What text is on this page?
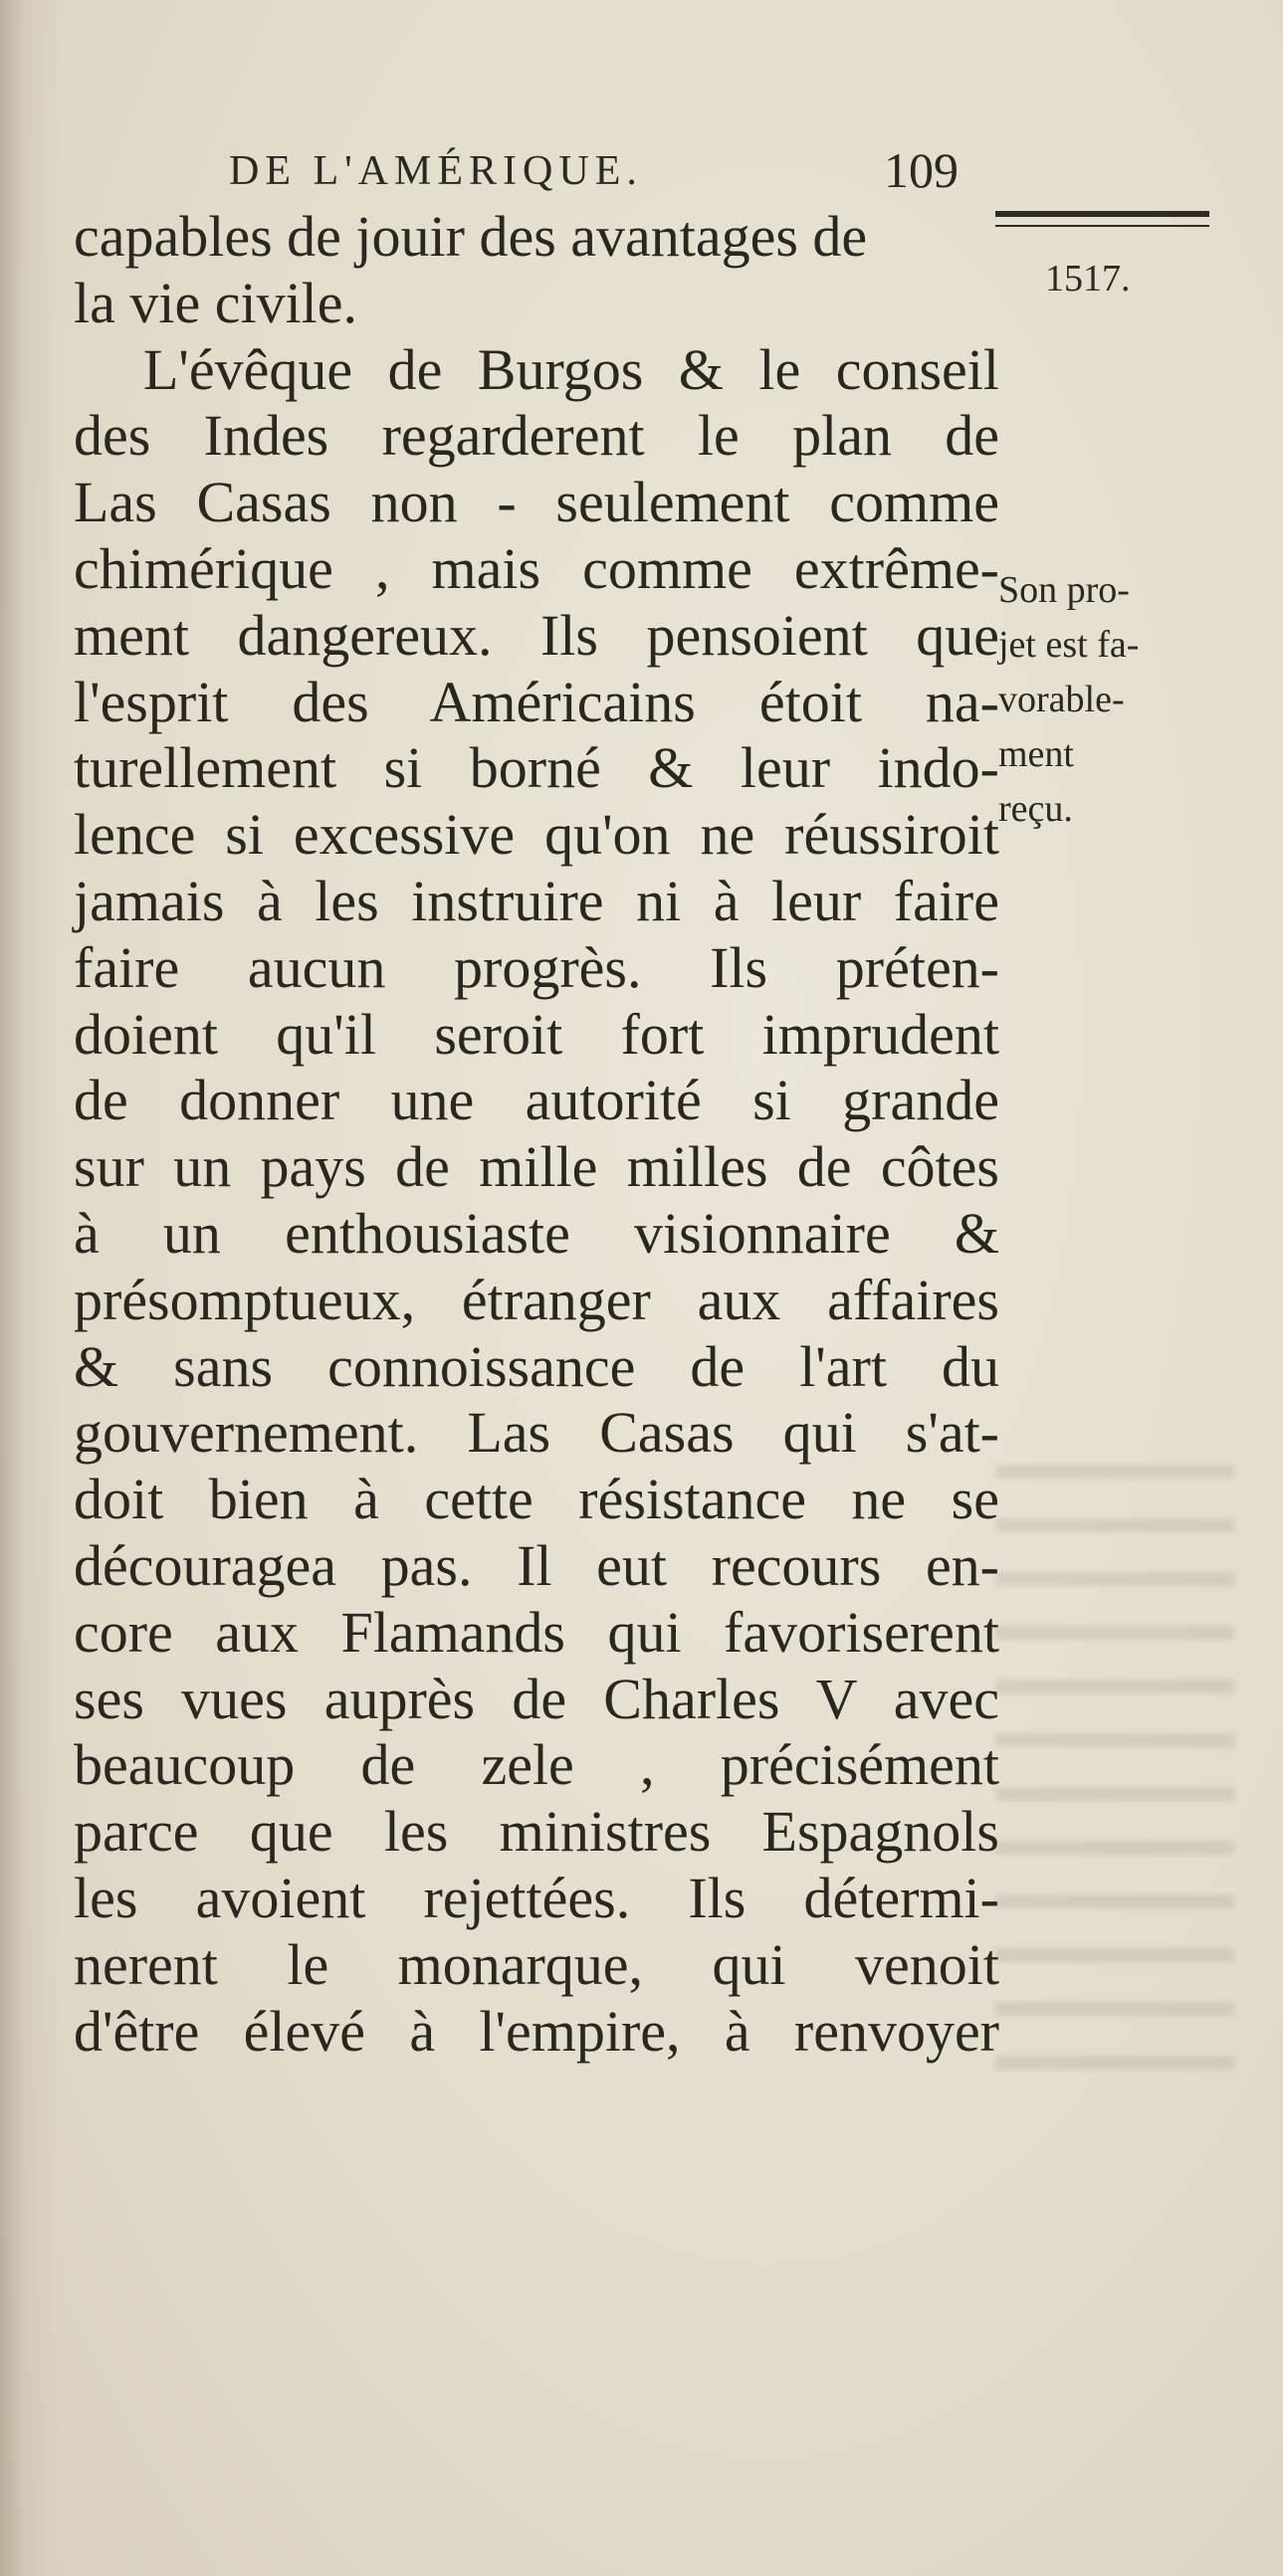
DE L'AMÉRIQUE.	109
1517.
capables de jouir des avantages de
la vie civile.
L'évêque de Burgos & le conseil
des Indes regarderent le plan de
Las Casas non - seulement comme
chimérique , mais comme extrême-
ment dangereux. Ils pensoient que
l'esprit des Américains étoit na-
turellement si borné & leur indo-
lence si excessive qu'on ne réussiroit
jamais à les instruire ni à leur faire
faire aucun progrès. Ils préten-
doient qu'il seroit fort imprudent
de donner une autorité si grande
sur un pays de mille milles de côtes
à un enthousiaste visionnaire &
présomptueux, étranger aux affaires
& sans connoissance de l'art du
gouvernement. Las Casas qui s'at-
doit bien à cette résistance ne se
découragea pas. Il eut recours en-
core aux Flamands qui favoriserent
ses vues auprès de Charles V avec
beaucoup de zele , précisément
parce que les ministres Espagnols
les avoient rejettées. Ils détermi-
nerent le monarque, qui venoit
d'être élevé à l'empire, à renvoyer
Son pro-
jet est fa-
vorable-
ment
reçu.
